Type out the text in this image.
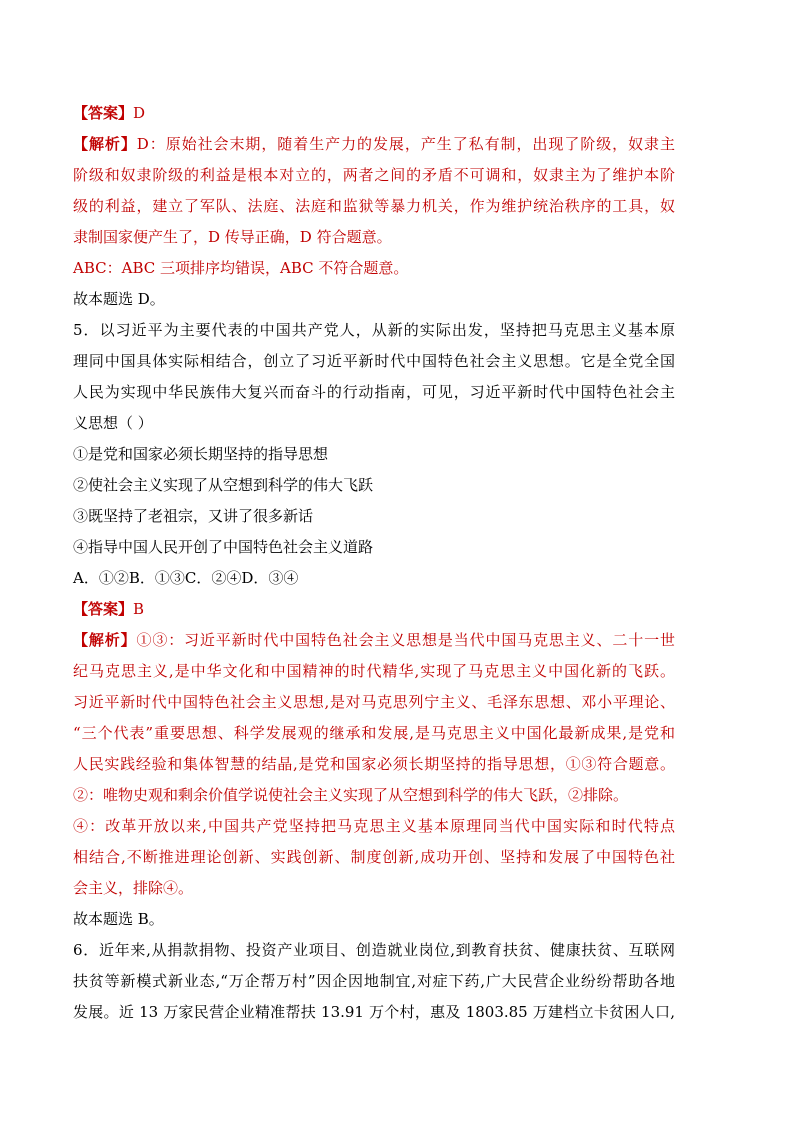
【答案】D
【解析】D：原始社会末期，随着生产力的发展，产生了私有制，出现了阶级，奴隶主
阶级和奴隶阶级的利益是根本对立的，两者之间的矛盾不可调和，奴隶主为了维护本阶
级的利益，建立了军队、法庭、法庭和监狱等暴力机关，作为维护统治秩序的工具，奴
隶制国家便产生了，D 传导正确，D 符合题意。
ABC：ABC 三项排序均错误，ABC 不符合题意。
故本题选 D。
5．以习近平为主要代表的中国共产党人，从新的实际出发，坚持把马克思主义基本原
理同中国具体实际相结合，创立了习近平新时代中国特色社会主义思想。它是全党全国
人民为实现中华民族伟大复兴而奋斗的行动指南，可见，习近平新时代中国特色社会主
义思想（ ）
①是党和国家必须长期坚持的指导思想
②使社会主义实现了从空想到科学的伟大飞跃
③既坚持了老祖宗，又讲了很多新话
④指导中国人民开创了中国特色社会主义道路
A．①②B．①③C．②④D．③④
【答案】B
【解析】①③：习近平新时代中国特色社会主义思想是当代中国马克思主义、二十一世
纪马克思主义,是中华文化和中国精神的时代精华,实现了马克思主义中国化新的飞跃。
习近平新时代中国特色社会主义思想,是对马克思列宁主义、毛泽东思想、邓小平理论、
“三个代表”重要思想、科学发展观的继承和发展,是马克思主义中国化最新成果,是党和
人民实践经验和集体智慧的结晶,是党和国家必须长期坚持的指导思想，①③符合题意。
②：唯物史观和剩余价值学说使社会主义实现了从空想到科学的伟大飞跃，②排除。
④：改革开放以来,中国共产党坚持把马克思主义基本原理同当代中国实际和时代特点
相结合,不断推进理论创新、实践创新、制度创新,成功开创、坚持和发展了中国特色社
会主义，排除④。
故本题选 B。
6．近年来,从捐款捐物、投资产业项目、创造就业岗位,到教育扶贫、健康扶贫、互联网
扶贫等新模式新业态,“万企帮万村”因企因地制宜,对症下药,广大民营企业纷纷帮助各地
发展。近 13 万家民营企业精准帮扶 13.91 万个村，惠及 1803.85 万建档立卡贫困人口,
